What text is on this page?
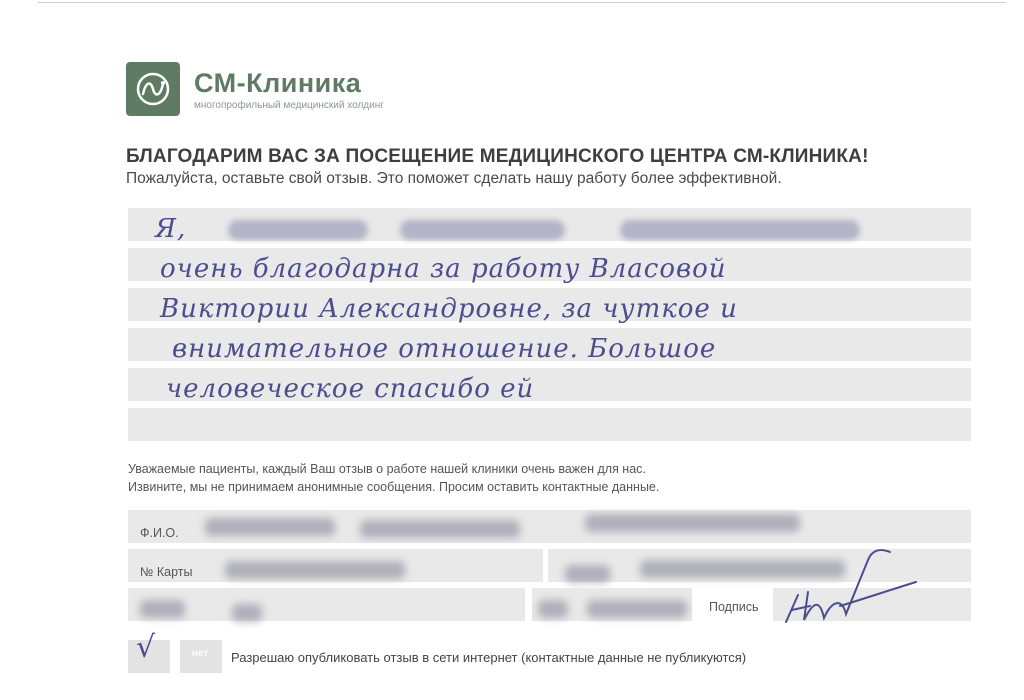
СМ-Клиника
многопрофильный медицинский холдинг
БЛАГОДАРИМ ВАС ЗА ПОСЕЩЕНИЕ МЕДИЦИНСКОГО ЦЕНТРА СМ-КЛИНИКА!
Пожалуйста, оставьте свой отзыв. Это поможет сделать нашу работу более эффективной.
Я,
очень благодарна за работу Власовой
Виктории Александровне, за чуткое и
внимательное отношение. Большое
человеческое спасибо ей
Уважаемые пациенты, каждый Ваш отзыв о работе нашей клиники очень важен для нас.
Извините, мы не принимаем анонимные сообщения. Просим оставить контактные данные.
Ф.И.О.
№ Карты
Подпись
√	нет	Разрешаю опубликовать отзыв в сети интернет (контактные данные не публикуются)
